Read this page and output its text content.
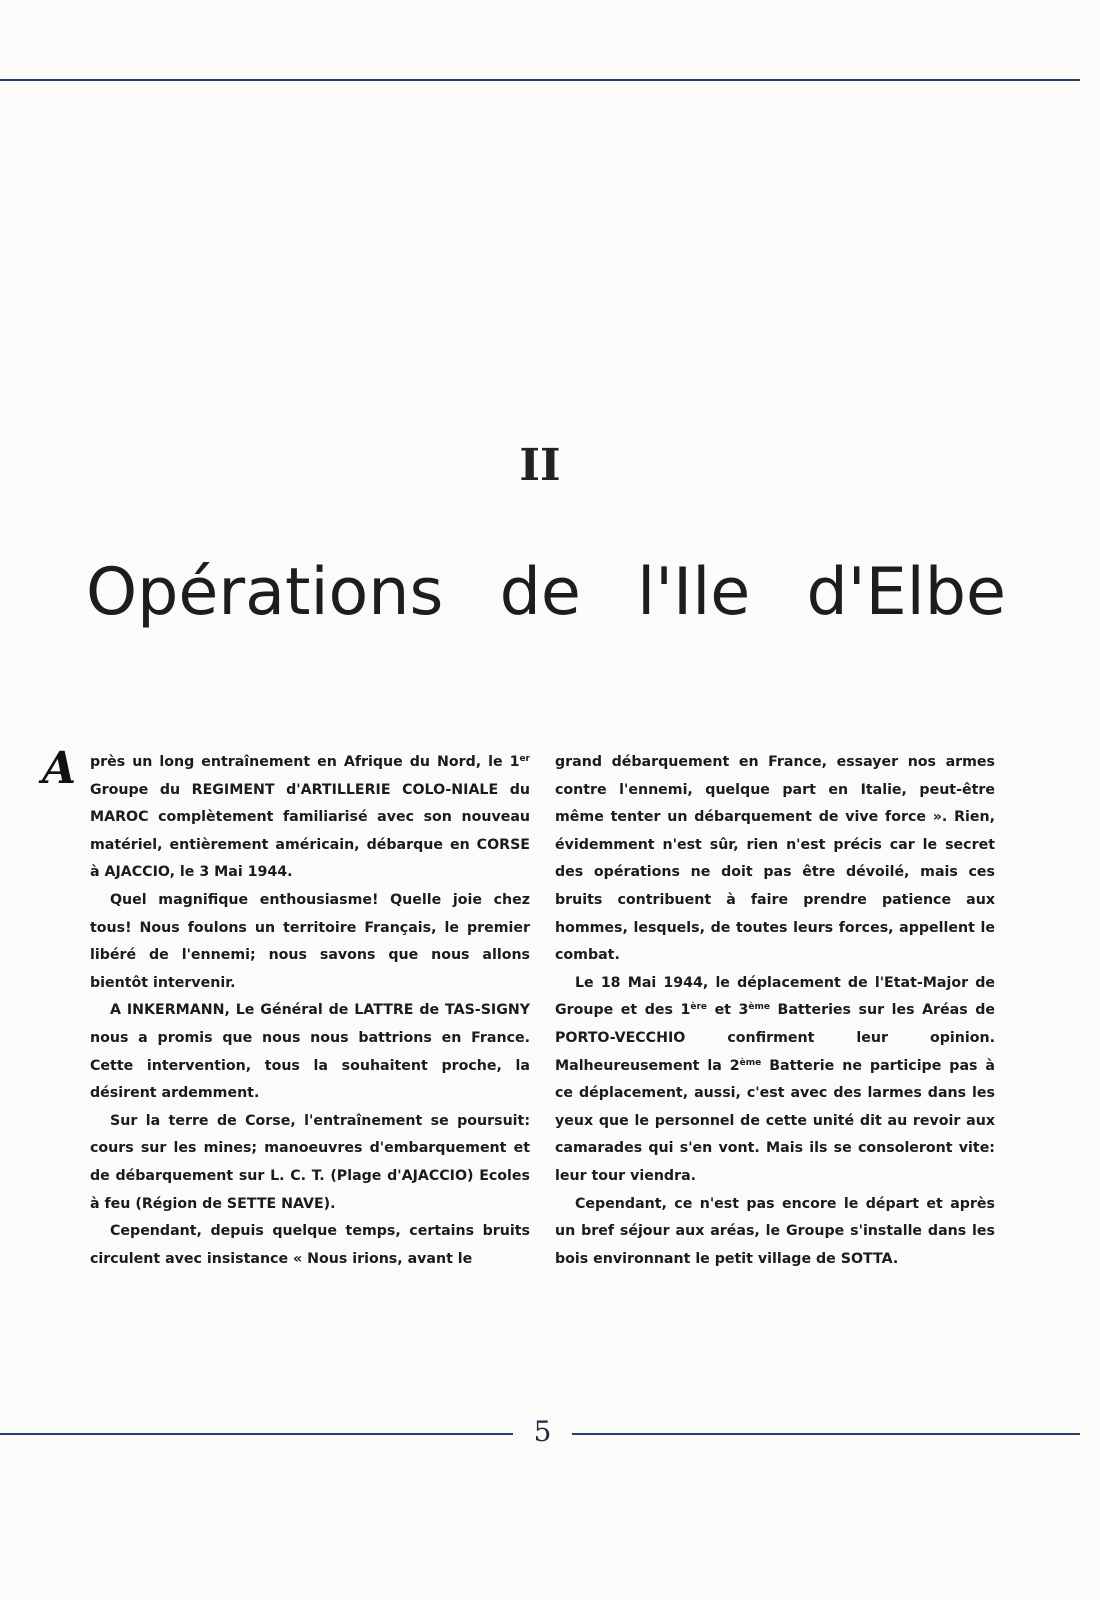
II
Opérations de l'Ile d'Elbe

Après un long entraînement en Afrique du Nord, le 1er Groupe du REGIMENT d'ARTILLERIE COLO-NIALE du MAROC complètement familiarisé avec son nouveau matériel, entièrement américain, débarque en CORSE à AJACCIO, le 3 Mai 1944.

Quel magnifique enthousiasme! Quelle joie chez tous! Nous foulons un territoire Français, le premier libéré de l'ennemi; nous savons que nous allons bientôt intervenir.

A INKERMANN, Le Général de LATTRE de TAS-SIGNY nous a promis que nous nous battrions en France. Cette intervention, tous la souhaitent proche, la désirent ardemment.

Sur la terre de Corse, l'entraînement se poursuit: cours sur les mines; manoeuvres d'embarquement et de débarquement sur L. C. T. (Plage d'AJACCIO) Ecoles à feu (Région de SETTE NAVE).

Cependant, depuis quelque temps, certains bruits circulent avec insistance « Nous irions, avant le

grand débarquement en France, essayer nos armes contre l'ennemi, quelque part en Italie, peut-être même tenter un débarquement de vive force ». Rien, évidemment n'est sûr, rien n'est précis car le secret des opérations ne doit pas être dévoilé, mais ces bruits contribuent à faire prendre patience aux hommes, lesquels, de toutes leurs forces, appellent le combat.

Le 18 Mai 1944, le déplacement de l'Etat-Major de Groupe et des 1ère et 3ème Batteries sur les Aréas de PORTO-VECCHIO confirment leur opinion. Malheureusement la 2ème Batterie ne participe pas à ce déplacement, aussi, c'est avec des larmes dans les yeux que le personnel de cette unité dit au revoir aux camarades qui s'en vont. Mais ils se consoleront vite: leur tour viendra.

Cependant, ce n'est pas encore le départ et après un bref séjour aux aréas, le Groupe s'installe dans les bois environnant le petit village de SOTTA.

5
